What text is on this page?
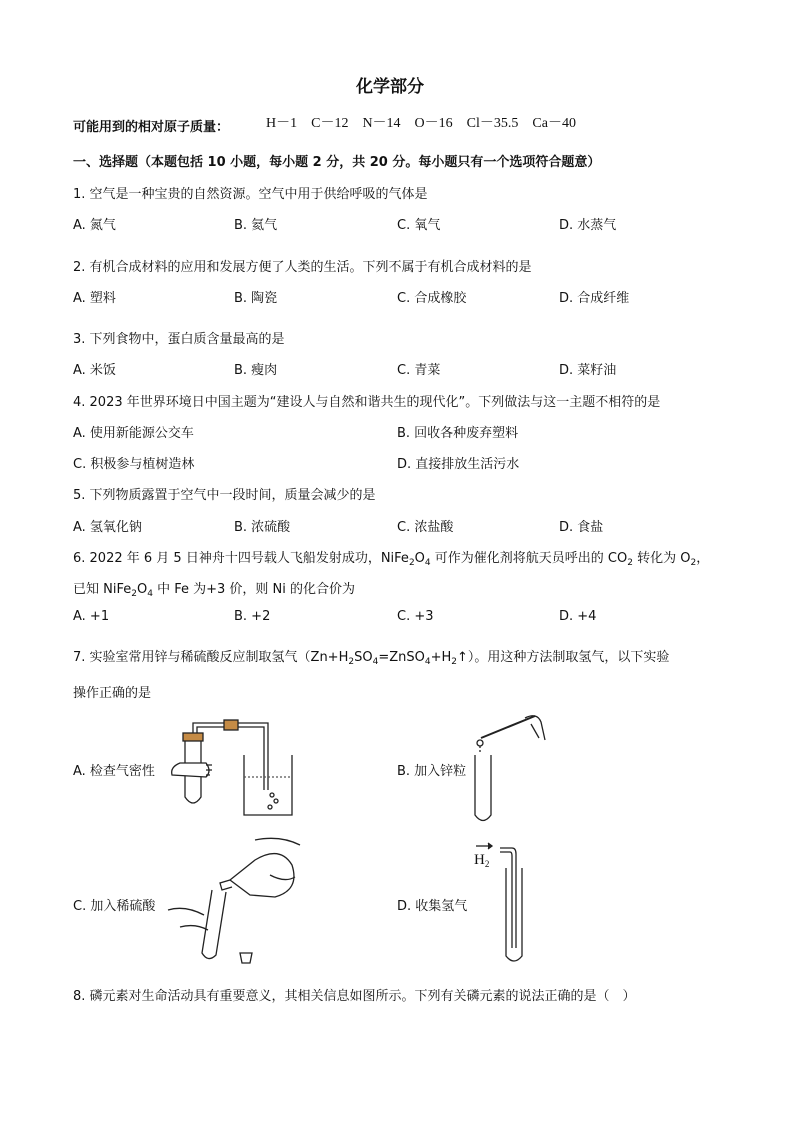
化学部分
可能用到的相对原子质量：	H－1　C－12　N－14　O－16　Cl－35.5　Ca－40
一、选择题（本题包括 10 小题，每小题 2 分，共 20 分。每小题只有一个选项符合题意）
1. 空气是一种宝贵的自然资源。空气中用于供给呼吸的气体是
A. 氮气	B. 氦气	C. 氧气	D. 水蒸气
2. 有机合成材料的应用和发展方便了人类的生活。下列不属于有机合成材料的是
A. 塑料	B. 陶瓷	C. 合成橡胶	D. 合成纤维
3. 下列食物中，蛋白质含量最高的是
A. 米饭	B. 瘦肉	C. 青菜	D. 菜籽油
4. 2023 年世界环境日中国主题为“建设人与自然和谐共生的现代化”。下列做法与这一主题不相符的是
A. 使用新能源公交车	B. 回收各种废弃塑料
C. 积极参与植树造林	D. 直接排放生活污水
5. 下列物质露置于空气中一段时间，质量会减少的是
A. 氢氧化钠	B. 浓硫酸	C. 浓盐酸	D. 食盐
6. 2022 年 6 月 5 日神舟十四号载人飞船发射成功，$NiFe_2O_4$ 可作为催化剂将航天员呼出的 $CO_2$ 转化为 $O_2$，
已知 $NiFe_2O_4$ 中 Fe 为+3 价，则 Ni 的化合价为
A. +1	B. +2	C. +3	D. +4
7. 实验室常用锌与稀硫酸反应制取氢气$(Zn+H_2SO_4=ZnSO_4+H_2↑)$。用这种方法制取氢气，以下实验
操作正确的是
A. 检查气密性	B. 加入锌粒
C. 加入稀硫酸	D. 收集氢气
$H_2$
8. 磷元素对生命活动具有重要意义，其相关信息如图所示。下列有关磷元素的说法正确的是（　）
